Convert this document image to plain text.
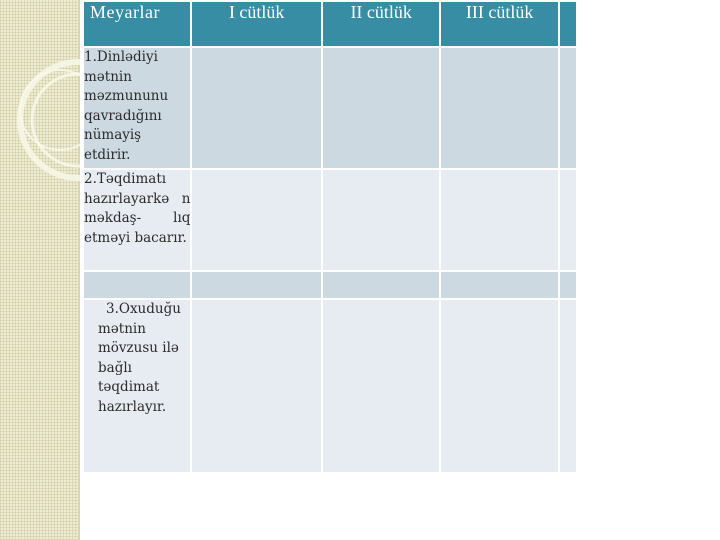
Meyarlar	I cütlük	II cütlük	III cütlük	
1.Dinlədiyi mətnin məzmununu qavradığını nümayiş etdirir.				
2.Təqdimatı hazırlayarkə n məkdaş- lıq etməyi bacarır.				

3.Oxuduğu mətnin mövzusu ilə bağlı təqdimat hazırlayır.				
